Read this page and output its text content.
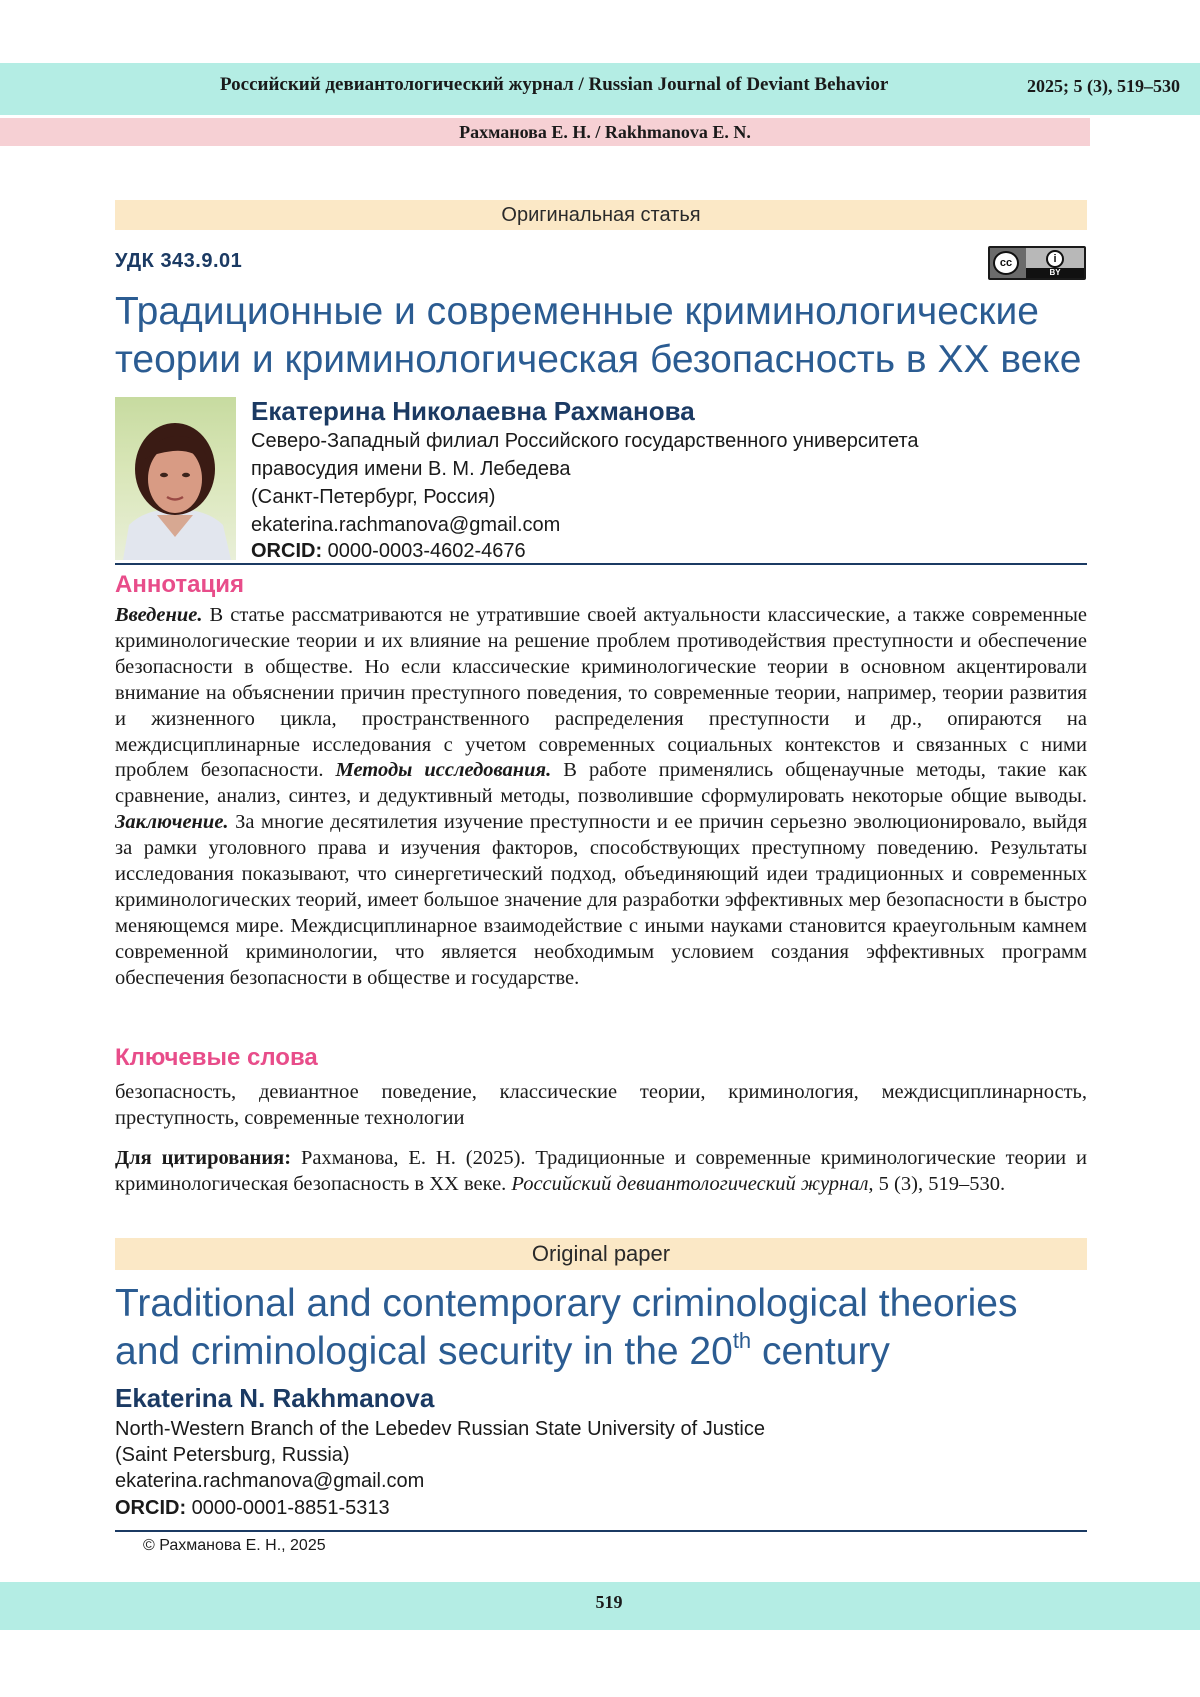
Российский девиантологический журнал / Russian Journal of Deviant Behavior	2025; 5 (3), 519–530
Рахманова Е. Н. / Rakhmanova E. N.
Оригинальная статья
УДК 343.9.01	cc	i
BY
Традиционные и современные криминологические
теории и криминологическая безопасность в XX веке
Екатерина Николаевна Рахманова
Северо-Западный филиал Российского государственного университета
правосудия имени В. М. Лебедева
(Санкт-Петербург, Россия)
ekaterina.rachmanova@gmail.com
ORCID: 0000-0003-4602-4676
Аннотация
Введение. В статье рассматриваются не утратившие своей актуальности классические, а также современные криминологические теории и их влияние на решение проблем противодействия преступности и обеспечение безопасности в обществе. Но если классические криминологические теории в основном акцентировали внимание на объяснении причин преступного поведения, то современные теории, например, теории развития и жизненного цикла, пространственного распределения преступности и др., опираются на междисциплинарные исследования с учетом современных социальных контекстов и связанных с ними проблем безопасности. Методы исследования. В работе применялись общенаучные методы, такие как сравнение, анализ, синтез, и дедуктивный методы, позволившие сформулировать некоторые общие выводы. Заключение. За многие десятилетия изучение преступности и ее причин серьезно эволюционировало, выйдя за рамки уголовного права и изучения факторов, способствующих преступному поведению. Результаты исследования показывают, что синергетический подход, объединяющий идеи традиционных и современных криминологических теорий, имеет большое значение для разработки эффективных мер безопасности в быстро меняющемся мире. Междисциплинарное взаимодействие с иными науками становится краеугольным камнем современной криминологии, что является необходимым условием создания эффективных программ обеспечения безопасности в обществе и государстве.
Ключевые слова
безопасность, девиантное поведение, классические теории, криминология, междисциплинарность, преступность, современные технологии
Для цитирования: Рахманова, Е. Н. (2025). Традиционные и современные криминологические теории и криминологическая безопасность в XX веке. Российский девиантологический журнал, 5 (3), 519–530.
Original paper
Traditional and contemporary criminological theories
and criminological security in the 20th century
Ekaterina N. Rakhmanova
North-Western Branch of the Lebedev Russian State University of Justice
(Saint Petersburg, Russia)
ekaterina.rachmanova@gmail.com
ORCID: 0000-0001-8851-5313
© Рахманова Е. Н., 2025
519
